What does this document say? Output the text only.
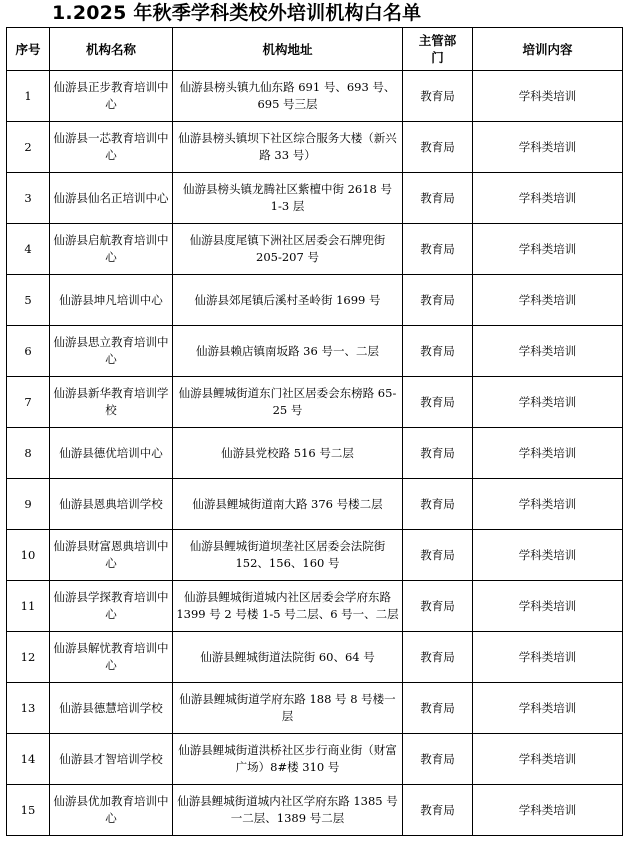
1.2025 年秋季学科类校外培训机构白名单
序号	机构名称	机构地址	主管部门	培训内容
1	仙游县正步教育培训中心	仙游县榜头镇九仙东路 691 号、693 号、695 号三层	教育局	学科类培训
2	仙游县一芯教育培训中心	仙游县榜头镇坝下社区综合服务大楼（新兴路 33 号）	教育局	学科类培训
3	仙游县仙名正培训中心	仙游县榜头镇龙腾社区紫檀中街 2618 号 1-3 层	教育局	学科类培训
4	仙游县启航教育培训中心	仙游县度尾镇下洲社区居委会石牌兜街 205-207 号	教育局	学科类培训
5	仙游县坤凡培训中心	仙游县郊尾镇后溪村圣岭街 1699 号	教育局	学科类培训
6	仙游县思立教育培训中心	仙游县赖店镇南坂路 36 号一、二层	教育局	学科类培训
7	仙游县新华教育培训学校	仙游县鲤城街道东门社区居委会东榜路 65-25 号	教育局	学科类培训
8	仙游县德优培训中心	仙游县党校路 516 号二层	教育局	学科类培训
9	仙游县恩典培训学校	仙游县鲤城街道南大路 376 号楼二层	教育局	学科类培训
10	仙游县财富恩典培训中心	仙游县鲤城街道坝垄社区居委会法院街 152、156、160 号	教育局	学科类培训
11	仙游县学探教育培训中心	仙游县鲤城街道城内社区居委会学府东路 1399 号 2 号楼 1-5 号二层、6 号一、二层	教育局	学科类培训
12	仙游县解忧教育培训中心	仙游县鲤城街道法院街 60、64 号	教育局	学科类培训
13	仙游县德慧培训学校	仙游县鲤城街道学府东路 188 号 8 号楼一层	教育局	学科类培训
14	仙游县才智培训学校	仙游县鲤城街道洪桥社区步行商业街（财富广场）8#楼 310 号	教育局	学科类培训
15	仙游县优加教育培训中心	仙游县鲤城街道城内社区学府东路 1385 号一二层、1389 号二层	教育局	学科类培训
